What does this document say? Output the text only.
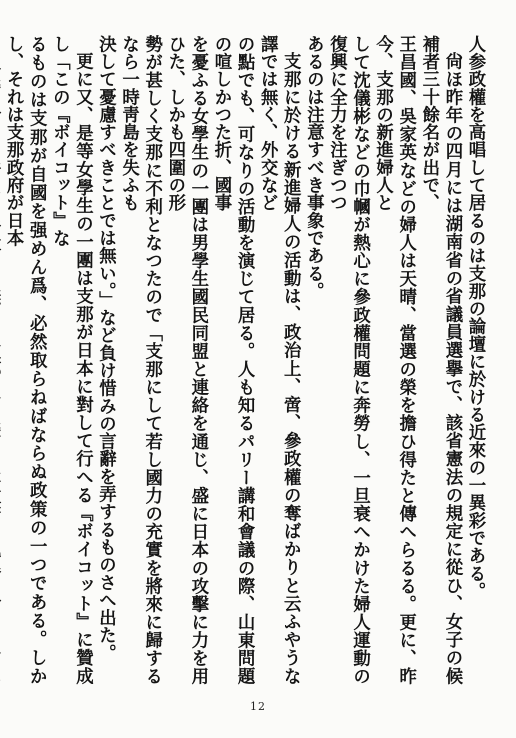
人参政權を高唱して居るのは支那の論壇に於ける近來の一異彩である。

尙ほ昨年の四月には湖南省の省議員選擧で、該省憲法の規定に從ひ、女子の候補者三十餘名が出で、
王昌國、吳家英などの婦人は天晴、當選の榮を擔ひ得たと傳へらるる。更に、昨今、支那の新進婦人と
して沈儀彬などの巾幗が熱心に參政權問題に奔勞し、一旦衰へかけた婦人運動の復興に全力を注ぎつつ
あるのは注意すべき事象である。

支那に於ける新進婦人の活動は、政治上、啻、參政權の奪ばかりと云ふやうな譯では無く、外交など
の點でも、可なりの活動を演じて居る。人も知るパリー講和會議の際、山東問題の喧しかつた折、國事
を憂ふる女學生の一團は男學生國民同盟と連絡を通じ、盛に日本の攻擊に力を用ひた、しかも四圍の形
勢が甚しく支那に不利となつたので「支那にして若し國力の充實を將來に歸するなら一時靑島を失ふも
決して憂慮すべきことでは無い。」など負け惜みの言辭を弄するものさへ出た。

更に又、是等女學生の一團は支那が日本に對して行へる『ボイコット』に贊成し「この『ボイコット』な
るものは支那が自國を强めん爲、必然取らねばならぬ政策の一つである。しかし、それは支那政府が日本

12
